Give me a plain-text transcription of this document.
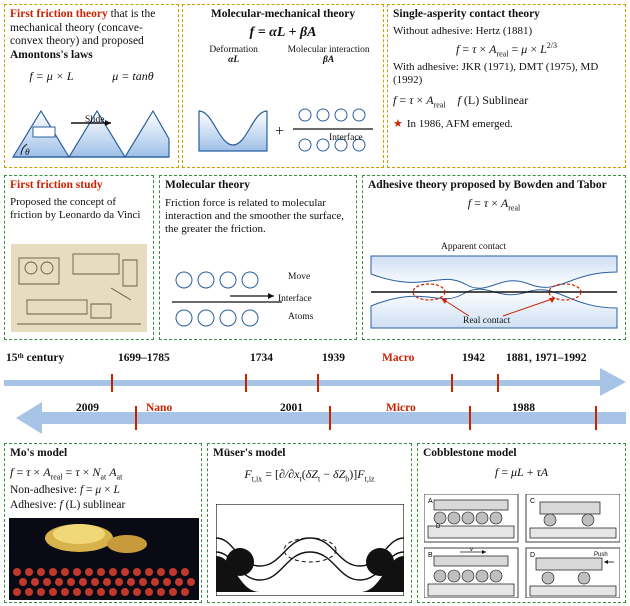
First friction theory that is the mechanical theory (concave-convex theory) and proposed Amontons's laws
f = μ × L	μ = tanθ
Slide
θ
Molecular-mechanical theory
f = αL + βA
Deformation
αL
Molecular interaction
βA
+	Interface
Single-asperity contact theory
Without adhesive: Hertz (1881)
$f = \tau \times A_{real} = \mu \times L^{2/3}$
With adhesive: JKR (1971), DMT (1975), MD (1992)
$f = \tau \times A_{real}$ f (L) Sublinear
★ In 1986, AFM emerged.
First friction study
Proposed the concept of friction by Leonardo da Vinci
Molecular theory
Friction force is related to molecular interaction and the smoother the surface, the greater the friction.
Move
Interface
Atoms
Adhesive theory proposed by Bowden and Tabor
$f = \tau \times A_{real}$
Apparent contact
Real contact
15ᵗʰ century	1699–1785	1734	1939	Macro	1942 1881, 1971–1992
2009	Nano	2001	Micro	1988
Mo's model
$f = \tau \times A_{real} = \tau \times N_{at}$ $A_{at}$
Non-adhesive: f = μ × L
Adhesive: f (L) sublinear
Müser's model
$F_{t,ix} = [\partial/\partial x_t(\delta Z_t - \delta Z_b)]F_{t,iz}$
Cobblestone model
f = μL + τA
A
D
C
B
v
D	Push
